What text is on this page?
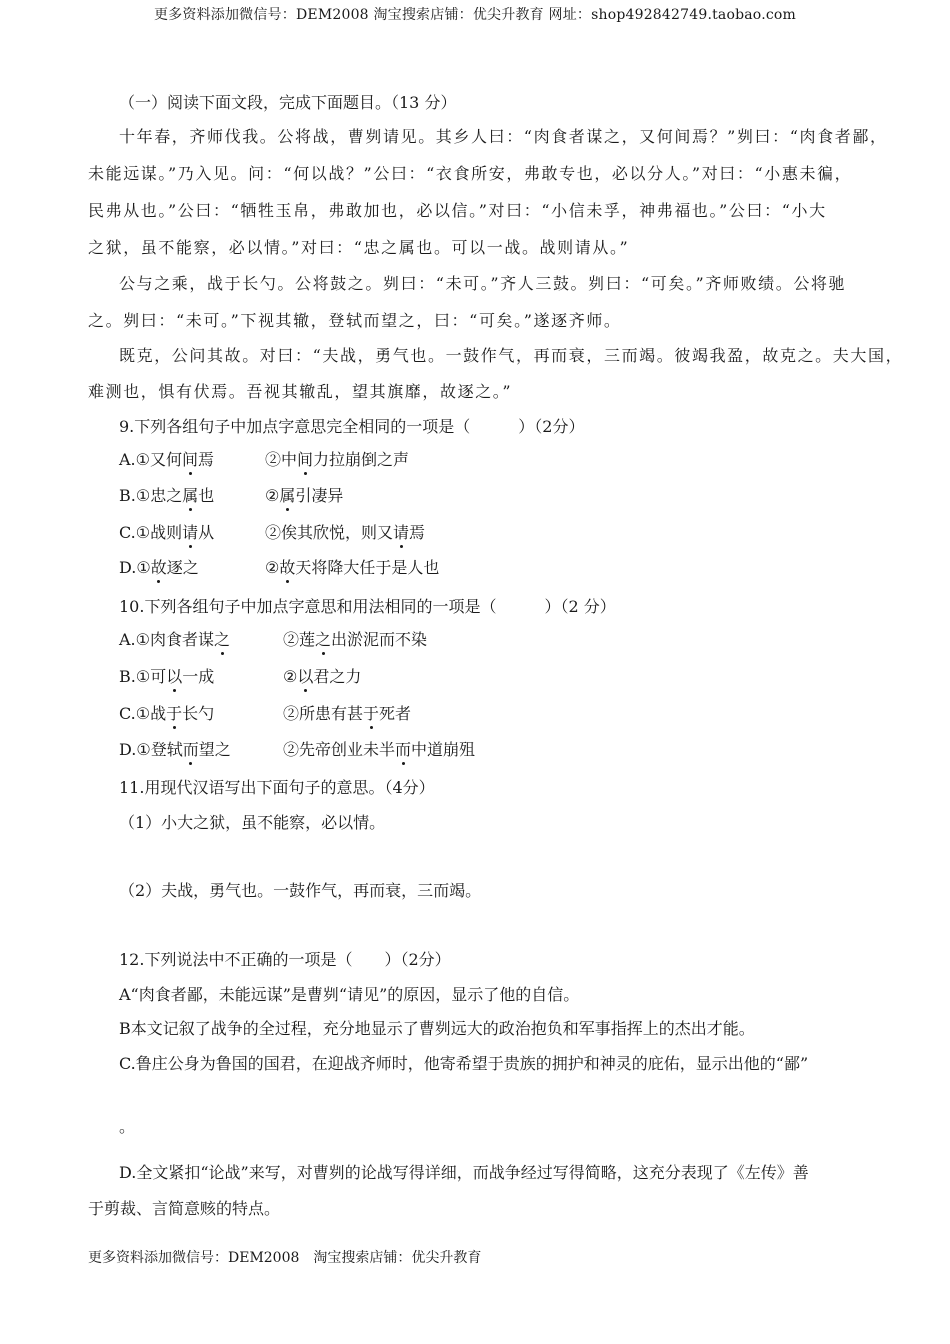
更多资料添加微信号：DEM2008 淘宝搜索店铺：优尖升教育 网址：shop492842749.taobao.com
（一）阅读下面文段，完成下面题目。（13 分）
十年春，齐师伐我。公将战，曹刿请见。其乡人曰：“肉食者谋之，又何间焉？”刿曰：“肉食者鄙，
未能远谋。”乃入见。问：“何以战？”公曰：“衣食所安，弗敢专也，必以分人。”对曰：“小惠未徧，
民弗从也。”公曰：“牺牲玉帛，弗敢加也，必以信。”对曰：“小信未孚，神弗福也。”公曰：“小大
之狱，虽不能察，必以情。”对曰：“忠之属也。可以一战。战则请从。”
公与之乘，战于长勺。公将鼓之。刿曰：“未可。”齐人三鼓。刿曰：“可矣。”齐师败绩。公将驰
之。刿曰：“未可。”下视其辙，登轼而望之，曰：“可矣。”遂逐齐师。
既克，公问其故。对曰：“夫战，勇气也。一鼓作气，再而衰，三而竭。彼竭我盈，故克之。夫大国，
难测也，惧有伏焉。吾视其辙乱，望其旗靡，故逐之。”
9.下列各组句子中加点字意思完全相同的一项是（　　　）（2分）
A.①又何间焉	②中间力拉崩倒之声
B.①忠之属也	②属引凄异
C.①战则请从	②俟其欣悦，则又请焉
D.①故逐之	②故天将降大任于是人也
10.下列各组句子中加点字意思和用法相同的一项是（　　　）（2 分）
A.①肉食者谋之	②莲之出淤泥而不染
B.①可以一成	②以君之力
C.①战于长勺	②所患有甚于死者
D.①登轼而望之	②先帝创业未半而中道崩殂
11.用现代汉语写出下面句子的意思。（4分）
（1）小大之狱，虽不能察，必以情。
（2）夫战，勇气也。一鼓作气，再而衰，三而竭。
12.下列说法中不正确的一项是（　　）（2分）
A“肉食者鄙，未能远谋”是曹刿“请见”的原因，显示了他的自信。
B本文记叙了战争的全过程，充分地显示了曹刿远大的政治抱负和军事指挥上的杰出才能。
C.鲁庄公身为鲁国的国君，在迎战齐师时，他寄希望于贵族的拥护和神灵的庇佑，显示出他的“鄙”
。
D.全文紧扣“论战”来写，对曹刿的论战写得详细，而战争经过写得简略，这充分表现了《左传》善
于剪裁、言简意赅的特点。
更多资料添加微信号：DEM2008　淘宝搜索店铺：优尖升教育
